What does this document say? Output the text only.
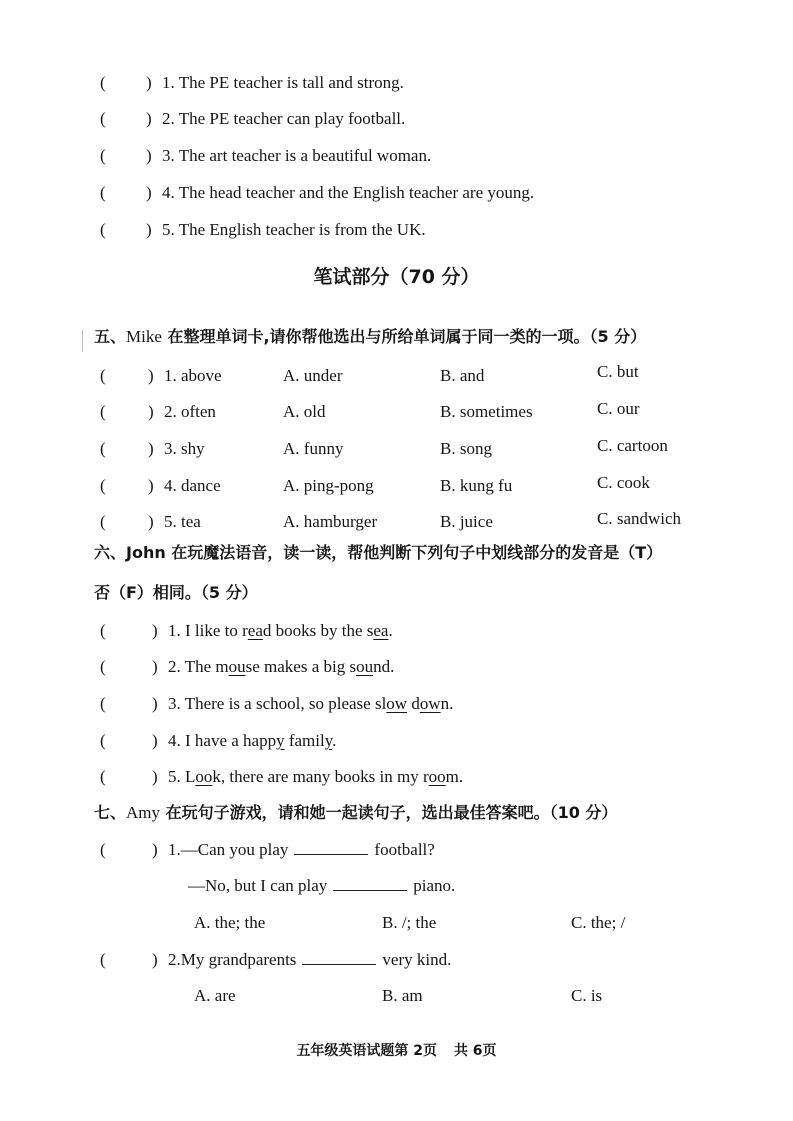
( ) 1. The PE teacher is tall and strong.
( ) 2. The PE teacher can play football.
( ) 3. The art teacher is a beautiful woman.
( ) 4. The head teacher and the English teacher are young.
( ) 5. The English teacher is from the UK.
笔试部分（70 分）
五、Mike 在整理单词卡,请你帮他选出与所给单词属于同一类的一项。（5 分）
( ) 1. above	A. under	B. and	C. but
( ) 2. often	A. old	B. sometimes	C. our
( ) 3. shy	A. funny	B. song	C. cartoon
( ) 4. dance	A. ping-pong	B. kung fu	C. cook
( ) 5. tea	A. hamburger	B. juice	C. sandwich
六、John 在玩魔法语音，读一读，帮他判断下列句子中划线部分的发音是（T）
否（F）相同。（5 分）
(	) 1. I like to read books by the sea.
(	) 2. The mouse makes a big sound.
(	) 3. There is a school, so please slow down.
(	) 4. I have a happy family.
(	) 5. Look, there are many books in my room.
七、Amy 在玩句子游戏，请和她一起读句子，选出最佳答案吧。（10 分）
(	) 1.—Can you play	football?
—No, but I can play	piano.
A. the; the	B. /; the	C. the; /
(	) 2.My grandparents	very kind.
A. are	B. am	C. is
五年级英语试题第 2页 共 6页
